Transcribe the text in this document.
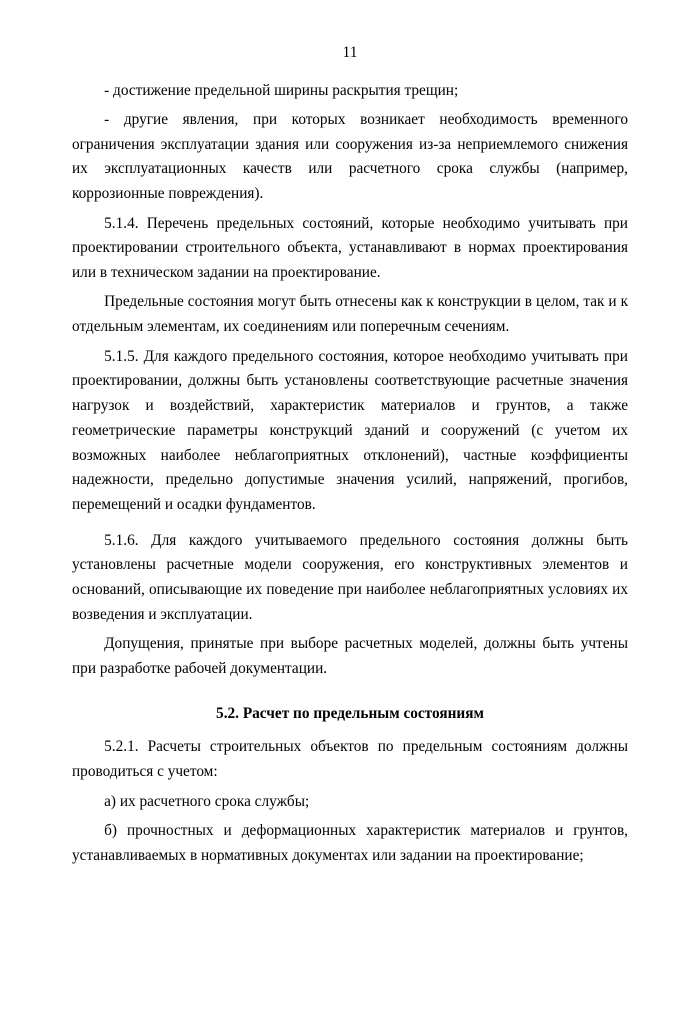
11

- достижение предельной ширины раскрытия трещин;

- другие явления, при которых возникает необходимость временного ограничения эксплуатации здания или сооружения из-за неприемлемого снижения их эксплуатационных качеств или расчетного срока службы (например, коррозионные повреждения).

5.1.4. Перечень предельных состояний, которые необходимо учитывать при проектировании строительного объекта, устанавливают в нормах проектирования или в техническом задании на проектирование.

Предельные состояния могут быть отнесены как к конструкции в целом, так и к отдельным элементам, их соединениям или поперечным сечениям.

5.1.5. Для каждого предельного состояния, которое необходимо учитывать при проектировании, должны быть установлены соответствующие расчетные значения нагрузок и воздействий, характеристик материалов и грунтов, а также геометрические параметры конструкций зданий и сооружений (с учетом их возможных наиболее неблагоприятных отклонений), частные коэффициенты надежности, предельно допустимые значения усилий, напряжений, прогибов, перемещений и осадки фундаментов.

5.1.6. Для каждого учитываемого предельного состояния должны быть установлены расчетные модели сооружения, его конструктивных элементов и оснований, описывающие их поведение при наиболее неблагоприятных условиях их возведения и эксплуатации.

Допущения, принятые при выборе расчетных моделей, должны быть учтены при разработке рабочей документации.

5.2. Расчет по предельным состояниям

5.2.1. Расчеты строительных объектов по предельным состояниям должны проводиться с учетом:

а) их расчетного срока службы;

б) прочностных и деформационных характеристик материалов и грунтов, устанавливаемых в нормативных документах или задании на проектирование;
